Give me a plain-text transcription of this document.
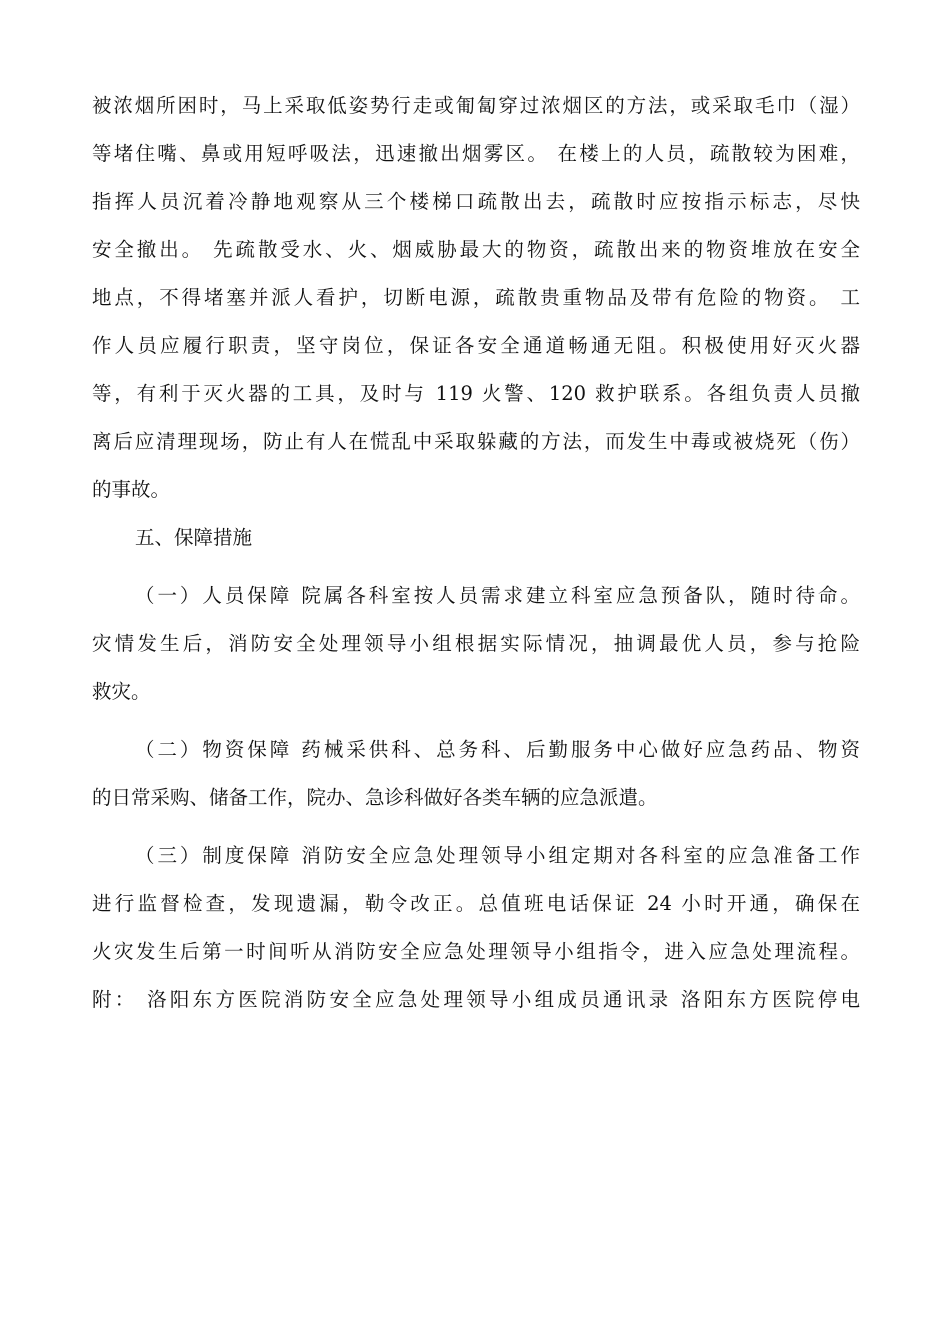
被浓烟所困时，马上采取低姿势行走或匍匐穿过浓烟区的方法，或采取毛巾（湿）
等堵住嘴、鼻或用短呼吸法，迅速撤出烟雾区。 在楼上的人员，疏散较为困难，
指挥人员沉着冷静地观察从三个楼梯口疏散出去，疏散时应按指示标志，尽快
安全撤出。 先疏散受水、火、烟威胁最大的物资，疏散出来的物资堆放在安全
地点，不得堵塞并派人看护，切断电源，疏散贵重物品及带有危险的物资。 工
作人员应履行职责，坚守岗位，保证各安全通道畅通无阻。积极使用好灭火器
等，有利于灭火器的工具，及时与 119 火警、120 救护联系。各组负责人员撤
离后应清理现场，防止有人在慌乱中采取躲藏的方法，而发生中毒或被烧死（伤）
的事故。
五、保障措施
（一）人员保障 院属各科室按人员需求建立科室应急预备队，随时待命。
灾情发生后，消防安全处理领导小组根据实际情况，抽调最优人员，参与抢险
救灾。
（二）物资保障 药械采供科、总务科、后勤服务中心做好应急药品、物资
的日常采购、储备工作，院办、急诊科做好各类车辆的应急派遣。
（三）制度保障 消防安全应急处理领导小组定期对各科室的应急准备工作
进行监督检查，发现遗漏，勒令改正。总值班电话保证 24 小时开通，确保在
火灾发生后第一时间听从消防安全应急处理领导小组指令，进入应急处理流程。
附： 洛阳东方医院消防安全应急处理领导小组成员通讯录 洛阳东方医院停电
